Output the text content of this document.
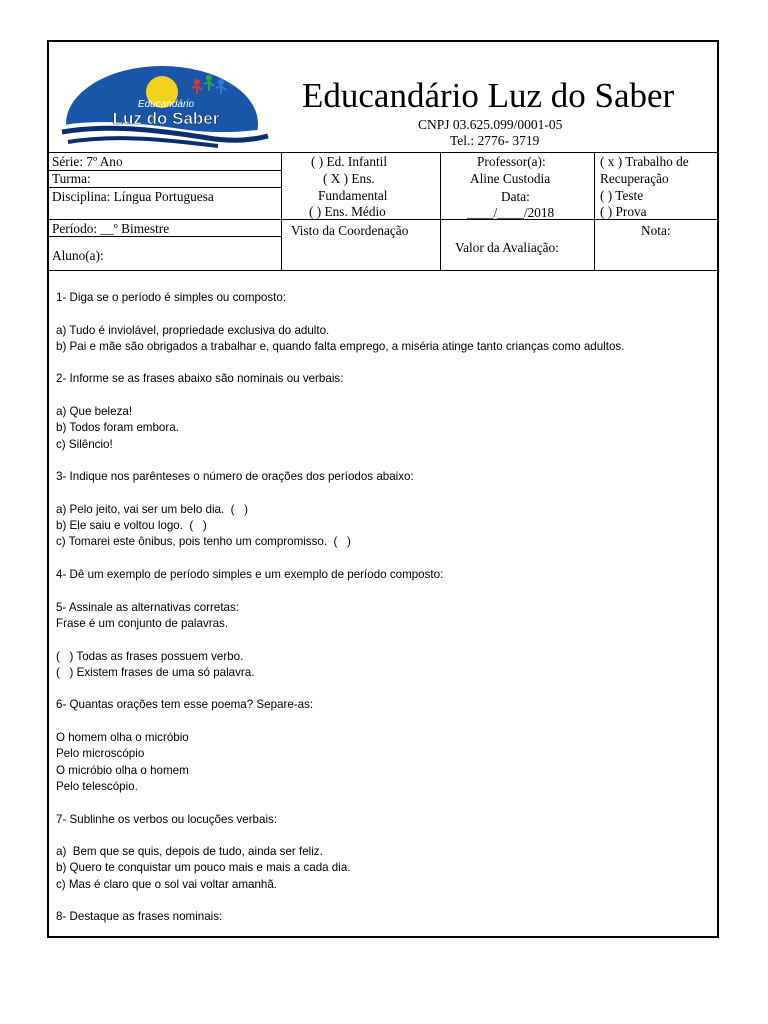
Educandário
Luz do Saber
Educandário Luz do Saber
CNPJ 03.625.099/0001-05
Tel.: 2776- 3719
Série: 7º Ano
Turma:
Disciplina: Língua Portuguesa
Período: __º Bimestre
Aluno(a):
( ) Ed. Infantil
( X ) Ens.
Fundamental
( ) Ens. Médio
Visto da Coordenação
Professor(a):
Aline Custodia
Data:
____/____/2018
Valor da Avaliação:
( x ) Trabalho de
Recuperação
( ) Teste
( ) Prova
Nota:
1- Diga se o período é simples ou composto:
a) Tudo é inviolável, propriedade exclusiva do adulto.
b) Pai e mãe são obrigados a trabalhar e, quando falta emprego, a miséria atinge tanto crianças como adultos.
2- Informe se as frases abaixo são nominais ou verbais:
a) Que beleza!
b) Todos foram embora.
c) Silêncio!
3- Indique nos parênteses o número de orações dos períodos abaixo:
a) Pelo jeito, vai ser um belo dia.  (   )
b) Ele saiu e voltou logo.  (   )
c) Tomarei este ônibus, pois tenho um compromisso.  (   )
4- Dê um exemplo de período simples e um exemplo de período composto:
5- Assinale as alternativas corretas:
Frase é um conjunto de palavras.
(   ) Todas as frases possuem verbo.
(   ) Existem frases de uma só palavra.
6- Quantas orações tem esse poema? Separe-as:
O homem olha o micróbio
Pelo microscópio
O micróbio olha o homem
Pelo telescópio.
7- Sublinhe os verbos ou locuções verbais:
a)  Bem que se quis, depois de tudo, ainda ser feliz.
b) Quero te conquistar um pouco mais e mais a cada dia.
c) Mas é claro que o sol vai voltar amanhã.
8- Destaque as frases nominais:
